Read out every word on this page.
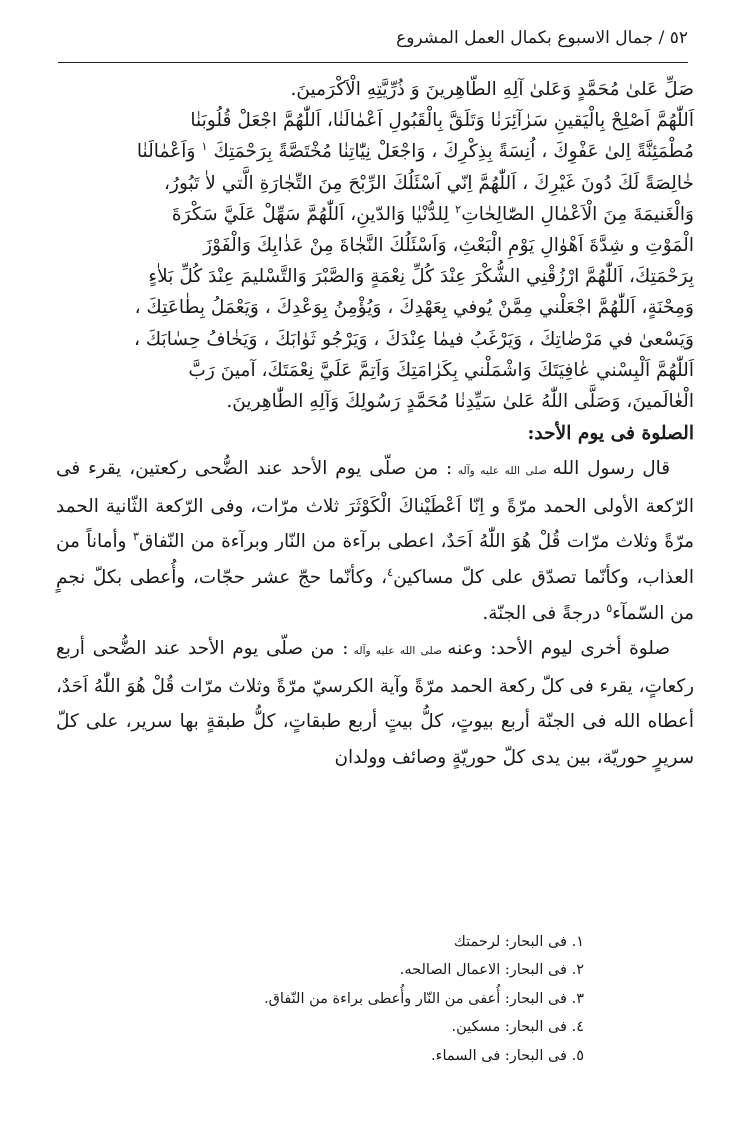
٥٢ / جمال الاسبوع بكمال العمل المشروع

صَلِّ عَلىٰ مُحَمَّدٍ وَعَلىٰ آلِهِ الطّاهِرينَ وَ ذُرِّيَّتِهِ الْاَكْرَمينَ.

اَللّٰهُمَّ اَصْلِحْ بِالْيَقينِ سَرٰآئِرَنٰا وَتَلَقَّ بِالْقَبُولِ اَعْمٰالَنٰا، اَللّٰهُمَّ اجْعَلْ قُلُوبَنٰا

مُطْمَئِنَّةً اِلىٰ عَفْوِكَ ، اُنِسَةً بِذِكْرِكَ ، وَاجْعَلْ نِيّٰاتِنٰا مُخْتَصَّةً بِرَحْمَتِكَ $^١$ وَاَعْمٰالَنٰا

خٰالِصَةً لَكَ دُونَ غَيْرِكَ ، اَللّٰهُمَّ اِنّي اَسْئَلُكَ الرِّبْحَ مِنَ التِّجٰارَةِ الَّتي لاٰ تَبُورُ،

وَالْغَنيمَةَ مِنَ الْاَعْمٰالِ الصّٰالِحٰاتِ$^٢$ لِلدُّنْيٰا وَالدّينِ، اَللّٰهُمَّ سَهِّلْ عَلَيَّ سَكْرَةَ

الْمَوْتِ و شِدَّةَ اَهْوٰالِ يَوْمِ الْبَعْثِ، وَاَسْئَلُكَ النَّجٰاةَ مِنْ عَذٰابِكَ وَالْفَوْزَ

بِرَحْمَتِكَ، اَللّٰهُمَّ ارْزُقْنِي الشُّكْرَ عِنْدَ كُلِّ نِعْمَةٍ وَالصَّبْرَ وَالتَّسْليمَ عِنْدَ كُلِّ بَلاٰءٍ

وَمِحْنَةٍ، اَللّٰهُمَّ اجْعَلْني مِمَّنْ يُوفي بِعَهْدِكَ ، وَيُؤْمِنُ بِوَعْدِكَ ، وَيَعْمَلُ بِطٰاعَتِكَ ،

وَيَسْعىٰ في مَرْضٰاتِكَ ، وَيَرْغَبُ فيمٰا عِنْدَكَ ، وَيَرْجُو ثَوٰابَكَ ، وَيَخٰافُ حِسٰابَكَ ،

اَللّٰهُمَّ اَلْبِسْني عٰافِيَتَكَ وَاشْمَلْني بِكَرٰامَتِكَ وَاَتِمَّ عَلَيَّ نِعْمَتَكَ، آمينَ رَبَّ

الْعٰالَمينَ، وَصَلَّى اللّٰهُ عَلىٰ سَيِّدِنٰا مُحَمَّدٍ رَسُولِكَ وَآلِهِ الطّٰاهِرينَ.

الصلوة فى يوم الأحد:

قال رسول الله صلى الله عليه وآله : من صلّى يوم الأحد عند الضُّحى ركعتين، يقرء فى الرّكعة الأولى الحمد مرّةً و اِنّا اَعْطَيْناكَ الْكَوْثَرَ ثلاث مرّات، وفى الرّكعة الثّانية الحمد مرّةً وثلاث مرّات قُلْ هُوَ اللّٰهُ اَحَدٌ، اعطى برآءة من النّار وبرآءة من النّفاق$^٣$ وأماناً من العذاب، وكأنّما تصدّق على كلّ مساكين$^٤$، وكأنّما حجّ عشر حجّات، وأُعطى بكلّ نجمٍ من السّمآء$^٥$ درجةً فى الجنّة.

صلوة أخرى ليوم الأحد: وعنه صلى الله عليه وآله : من صلّى يوم الأحد عند الضُّحى أربع ركعاتٍ، يقرء فى كلّ ركعة الحمد مرّةً وآية الكرسيّ مرّةً وثلاث مرّات قُلْ هُوَ اللّٰهُ اَحَدٌ، أعطاه الله فى الجنّة أربع بيوتٍ، كلُّ بيتٍ أربع طبقاتٍ، كلُّ طبقةٍ بها سرير، على كلّ سريرٍ حوريّة، بين يدى كلّ حوريّةٍ وصائف وولدان

١. فى البحار: لرحمتك
٢. فى البحار: الاعمال الصالحه.
٣. فى البحار: أُعفى من النّار وأُعطى براءة من النّفاق.
٤. فى البحار: مسكين.
٥. فى البحار: فى السماء.
